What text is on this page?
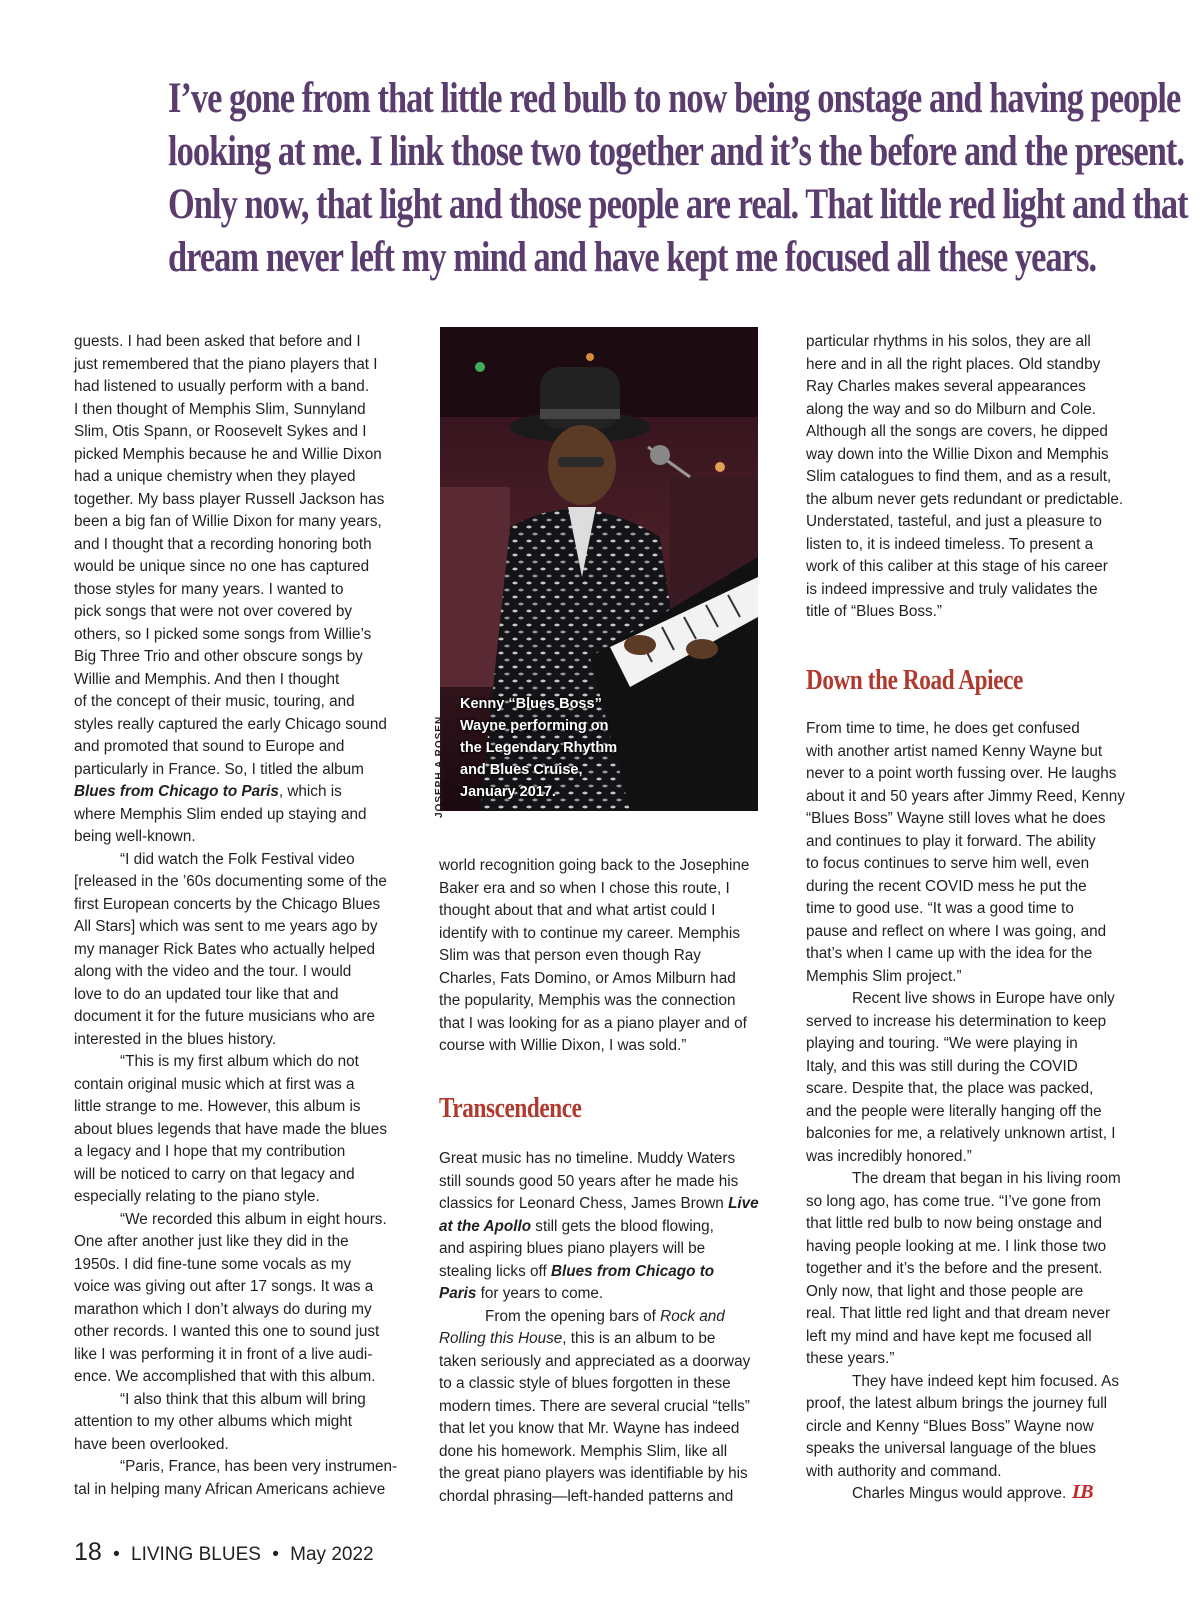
I’ve gone from that little red bulb to now being onstage and having people
looking at me. I link those two together and it’s the before and the present.
Only now, that light and those people are real. That little red light and that
dream never left my mind and have kept me focused all these years.

guests. I had been asked that before and I

just remembered that the piano players that I

had listened to usually perform with a band.

I then thought of Memphis Slim, Sunnyland

Slim, Otis Spann, or Roosevelt Sykes and I

picked Memphis because he and Willie Dixon

had a unique chemistry when they played

together. My bass player Russell Jackson has

been a big fan of Willie Dixon for many years,

and I thought that a recording honoring both

would be unique since no one has captured

those styles for many years. I wanted to

pick songs that were not over covered by

others, so I picked some songs from Willie’s

Big Three Trio and other obscure songs by

Willie and Memphis. And then I thought

of the concept of their music, touring, and

styles really captured the early Chicago sound

and promoted that sound to Europe and

particularly in France. So, I titled the album

Blues from Chicago to Paris, which is

where Memphis Slim ended up staying and

being well-known.

“I did watch the Folk Festival video

[released in the ’60s documenting some of the

first European concerts by the Chicago Blues

All Stars] which was sent to me years ago by

my manager Rick Bates who actually helped

along with the video and the tour. I would

love to do an updated tour like that and

document it for the future musicians who are

interested in the blues history.

“This is my first album which do not

contain original music which at first was a

little strange to me. However, this album is

about blues legends that have made the blues

a legacy and I hope that my contribution

will be noticed to carry on that legacy and

especially relating to the piano style.

“We recorded this album in eight hours.

One after another just like they did in the

1950s. I did fine-tune some vocals as my

voice was giving out after 17 songs. It was a

marathon which I don’t always do during my

other records. I wanted this one to sound just

like I was performing it in front of a live audi-

ence. We accomplished that with this album.

“I also think that this album will bring

attention to my other albums which might

have been overlooked.

“Paris, France, has been very instrumen-

tal in helping many African Americans achieve

Kenny “Blues Boss”

Wayne performing on

the Legendary Rhythm

and Blues Cruise,

January 2017.

JOSEPH A ROSEN

world recognition going back to the Josephine

Baker era and so when I chose this route, I

thought about that and what artist could I

identify with to continue my career. Memphis

Slim was that person even though Ray

Charles, Fats Domino, or Amos Milburn had

the popularity, Memphis was the connection

that I was looking for as a piano player and of

course with Willie Dixon, I was sold.”

Transcendence

Great music has no timeline. Muddy Waters

still sounds good 50 years after he made his

classics for Leonard Chess, James Brown Live

at the Apollo still gets the blood flowing,

and aspiring blues piano players will be

stealing licks off Blues from Chicago to

Paris for years to come.

From the opening bars of Rock and

Rolling this House, this is an album to be

taken seriously and appreciated as a doorway

to a classic style of blues forgotten in these

modern times. There are several crucial “tells”

that let you know that Mr. Wayne has indeed

done his homework. Memphis Slim, like all

the great piano players was identifiable by his

chordal phrasing—left-handed patterns and

particular rhythms in his solos, they are all

here and in all the right places. Old standby

Ray Charles makes several appearances

along the way and so do Milburn and Cole.

Although all the songs are covers, he dipped

way down into the Willie Dixon and Memphis

Slim catalogues to find them, and as a result,

the album never gets redundant or predictable.

Understated, tasteful, and just a pleasure to

listen to, it is indeed timeless. To present a

work of this caliber at this stage of his career

is indeed impressive and truly validates the

title of “Blues Boss.”

Down the Road Apiece

From time to time, he does get confused

with another artist named Kenny Wayne but

never to a point worth fussing over. He laughs

about it and 50 years after Jimmy Reed, Kenny

“Blues Boss” Wayne still loves what he does

and continues to play it forward. The ability

to focus continues to serve him well, even

during the recent COVID mess he put the

time to good use. “It was a good time to

pause and reflect on where I was going, and

that’s when I came up with the idea for the

Memphis Slim project.”

Recent live shows in Europe have only

served to increase his determination to keep

playing and touring. “We were playing in

Italy, and this was still during the COVID

scare. Despite that, the place was packed,

and the people were literally hanging off the

balconies for me, a relatively unknown artist, I

was incredibly honored.”

The dream that began in his living room

so long ago, has come true. “I’ve gone from

that little red bulb to now being onstage and

having people looking at me. I link those two

together and it’s the before and the present.

Only now, that light and those people are

real. That little red light and that dream never

left my mind and have kept me focused all

these years.”

They have indeed kept him focused. As

proof, the latest album brings the journey full

circle and Kenny “Blues Boss” Wayne now

speaks the universal language of the blues

with authority and command.

Charles Mingus would approve. LB
18 • LIVING BLUES • May 2022
